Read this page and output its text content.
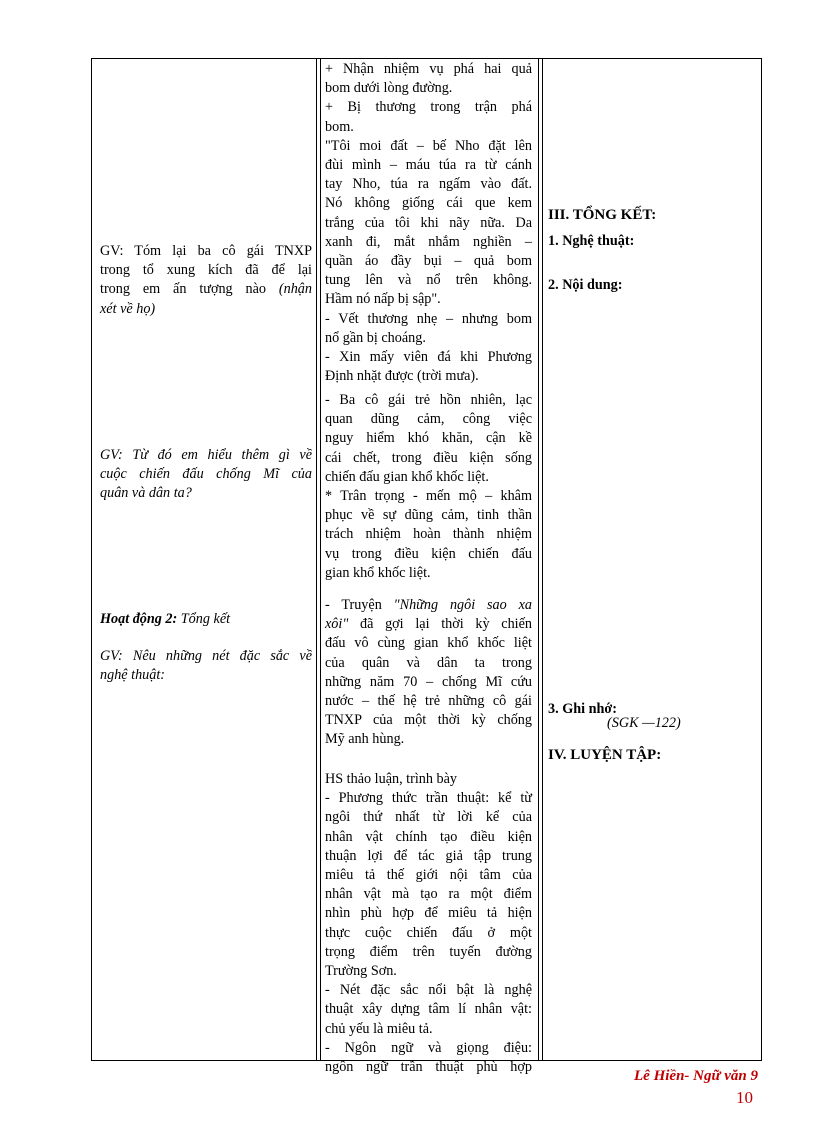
GV: Tóm lại ba cô gái TNXP
trong tổ xung kích đã để lại
trong em ấn tượng nào (nhận
xét về họ)
GV: Từ đó em hiểu thêm gì về
cuộc chiến đấu chống Mĩ của
quân và dân ta?
Hoạt động 2: Tổng kết
GV: Nêu những nét đặc sắc về
nghệ thuật:
+ Nhận nhiệm vụ phá hai quả
bom dưới lòng đường.
+ Bị thương trong trận phá
bom.
"Tôi moi đất – bế Nho đặt lên
đùi mình – máu túa ra từ cánh
tay Nho, túa ra ngấm vào đất.
Nó không giống cái que kem
trắng của tôi khi nãy nữa. Da
xanh đi, mắt nhắm nghiền –
quần áo đầy bụi – quả bom
tung lên và nổ trên không.
Hầm nó nấp bị sập".
- Vết thương nhẹ – nhưng bom
nổ gần bị choáng.
- Xin mấy viên đá khi Phương
Định nhặt được (trời mưa).
- Ba cô gái trẻ hồn nhiên, lạc
quan dũng cảm, công việc
nguy hiểm khó khăn, cận kề
cái chết, trong điều kiện sống
chiến đấu gian khổ khốc liệt.
* Trân trọng - mến mộ – khâm
phục về sự dũng cảm, tinh thần
trách nhiệm hoàn thành nhiệm
vụ trong điều kiện chiến đấu
gian khổ khốc liệt.
- Truyện "Những ngôi sao xa
xôi" đã gợi lại thời kỳ chiến
đấu vô cùng gian khổ khốc liệt
của quân và dân ta trong
những năm 70 – chống Mĩ cứu
nước – thế hệ trẻ những cô gái
TNXP của một thời kỳ chống
Mỹ anh hùng.
HS thảo luận, trình bày
- Phương thức trần thuật: kể từ
ngôi thứ nhất từ lời kể của
nhân vật chính tạo điều kiện
thuận lợi để tác giả tập trung
miêu tả thế giới nội tâm của
nhân vật mà tạo ra một điểm
nhìn phù hợp để miêu tả hiện
thực cuộc chiến đấu ở một
trọng điểm trên tuyến đường
Trường Sơn.
- Nét đặc sắc nổi bật là nghệ
thuật xây dựng tâm lí nhân vật:
chủ yếu là miêu tả.
- Ngôn ngữ và giọng điệu:
ngôn ngữ trần thuật phù hợp
III. TỔNG KẾT:
1. Nghệ thuật:
2. Nội dung:
3. Ghi nhớ:
(SGK —122)
IV. LUYỆN TẬP:
Lê Hiền- Ngữ văn 9
10
